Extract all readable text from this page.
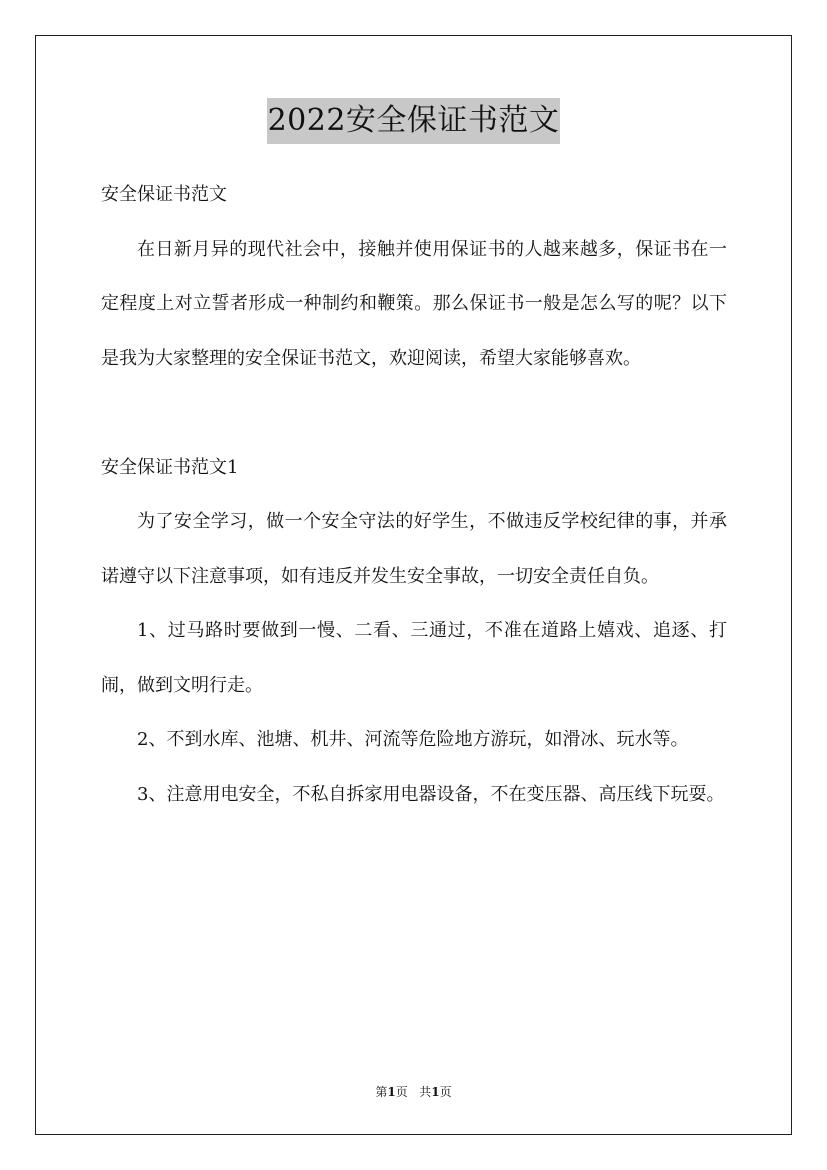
2022安全保证书范文

安全保证书范文

在日新月异的现代社会中，接触并使用保证书的人越来越多，保证书在一定程度上对立誓者形成一种制约和鞭策。那么保证书一般是怎么写的呢？以下是我为大家整理的安全保证书范文，欢迎阅读，希望大家能够喜欢。

安全保证书范文1

为了安全学习，做一个安全守法的好学生，不做违反学校纪律的事，并承诺遵守以下注意事项，如有违反并发生安全事故，一切安全责任自负。

1、过马路时要做到一慢、二看、三通过，不准在道路上嬉戏、追逐、打闹，做到文明行走。

2、不到水库、池塘、机井、河流等危险地方游玩，如滑冰、玩水等。

3、注意用电安全，不私自拆家用电器设备，不在变压器、高压线下玩耍。

第1页   共1页
